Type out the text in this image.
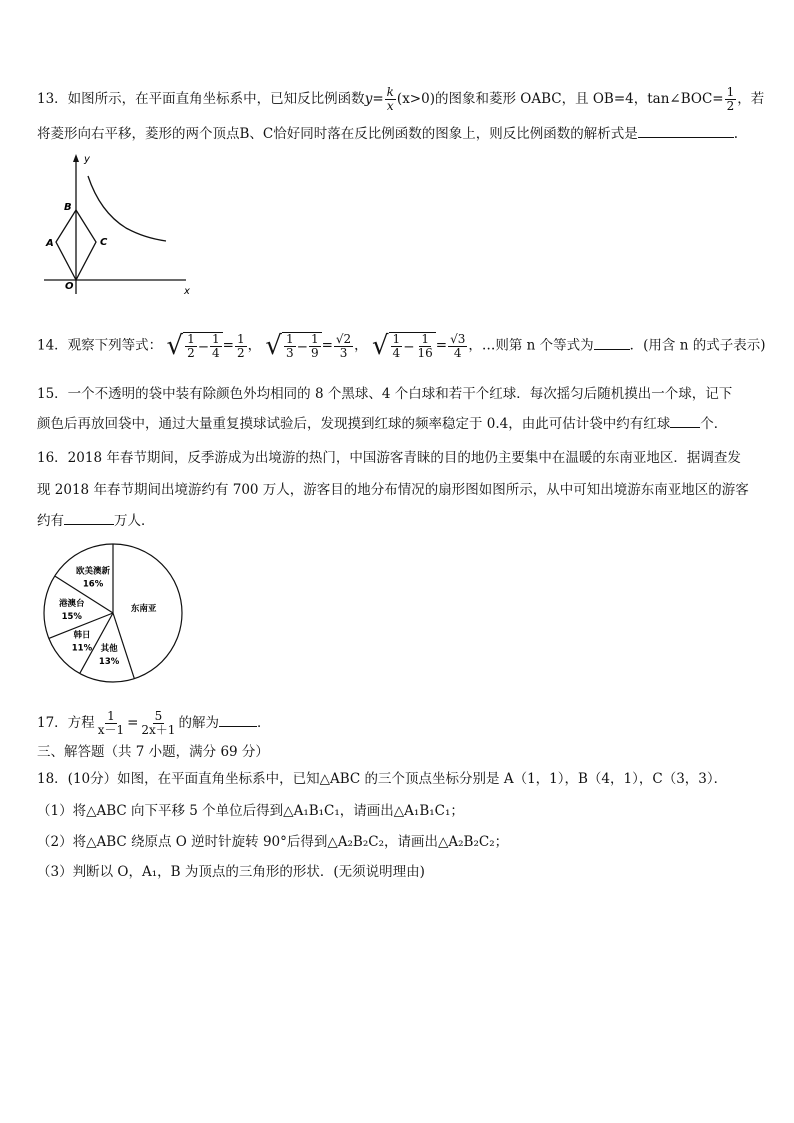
13．如图所示，在平面直角坐标系中，已知反比例函数$y= \frac{k}{x} (x>0)$的图象和菱形 OABC，且 OB=4，tan∠BOC= $\frac{1}{2}$ ，若
将菱形向右平移，菱形的两个顶点B、C恰好同时落在反比例函数的图象上，则反比例函数的解析式是	.
y
x
B
A	C
O
14．观察下列等式： √ $\frac{1}{2} - \frac{1}{4} = \frac{1}{2}$ ， √ $\frac{1}{3} - \frac{1}{9} = \frac{√2}{3}$ ， √ $\frac{1}{4} - \frac{1}{16} = \frac{√3}{4}$ ，…则第 n 个等式为	．(用含 n 的式子表示)
15．一个不透明的袋中装有除颜色外均相同的 8 个黑球、4 个白球和若干个红球．每次摇匀后随机摸出一个球，记下
颜色后再放回袋中，通过大量重复摸球试验后，发现摸到红球的频率稳定于 0.4，由此可估计袋中约有红球 个．
16．2018 年春节期间，反季游成为出境游的热门，中国游客青睐的目的地仍主要集中在温暖的东南亚地区．据调查发
现 2018 年春节期间出境游约有 700 万人，游客目的地分布情况的扇形图如图所示，从中可知出境游东南亚地区的游客
约有	万人．
欧美澳新
16%
港澳台
15%
韩日
11% 其他
13%
东南亚
17．方程 $\frac{1}{x-1} = \frac{5}{2x+1}$ 的解为	．
三、解答题（共 7 小题，满分 69 分）
18．(10分）如图，在平面直角坐标系中，已知△ABC 的三个顶点坐标分别是 A（1，1），B（4，1），C（3，3）．
（1）将△ABC 向下平移 5 个单位后得到△A₁B₁C₁，请画出△A₁B₁C₁；
（2）将△ABC 绕原点 O 逆时针旋转 90°后得到△A₂B₂C₂，请画出△A₂B₂C₂；
（3）判断以 O，A₁，B 为顶点的三角形的形状．(无须说明理由)
